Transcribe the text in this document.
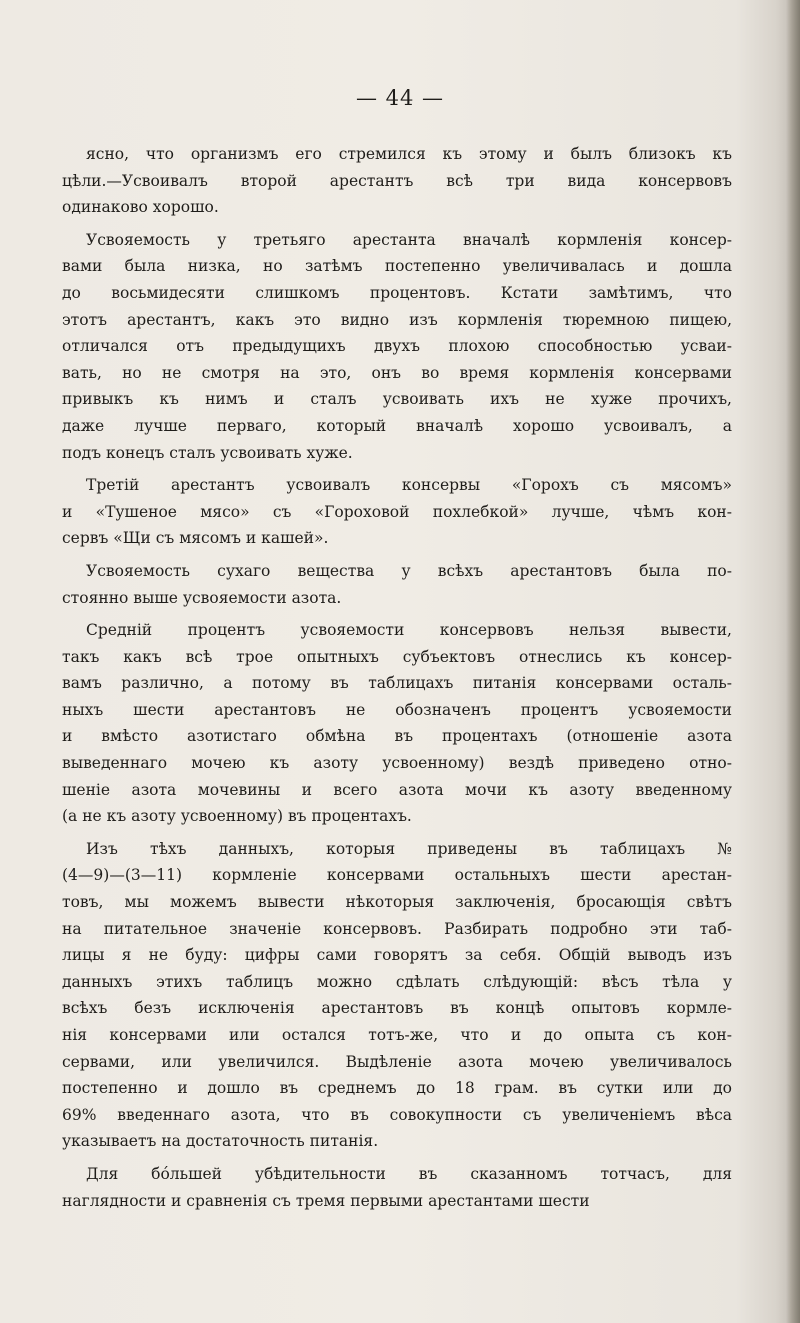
— 44 —
ясно, что организмъ его стремился къ этому и былъ близокъ къ
цѣли.—Усвоивалъ второй арестантъ всѣ три вида консервовъ
одинаково хорошо.
Усвояемость у третьяго арестанта вначалѣ кормленія консер-
вами была низка, но затѣмъ постепенно увеличивалась и дошла
до восьмидесяти слишкомъ процентовъ. Кстати замѣтимъ, что
этотъ арестантъ, какъ это видно изъ кормленія тюремною пищею,
отличался отъ предыдущихъ двухъ плохою способностью усваи-
вать, но не смотря на это, онъ во время кормленія консервами
привыкъ къ нимъ и сталъ усвоивать ихъ не хуже прочихъ,
даже лучше перваго, который вначалѣ хорошо усвоивалъ, а
подъ конецъ сталъ усвоивать хуже.
Третій арестантъ усвоивалъ консервы «Горохъ съ мясомъ»
и «Тушеное мясо» съ «Гороховой похлебкой» лучше, чѣмъ кон-
сервъ «Щи съ мясомъ и кашей».
Усвояемость сухаго вещества у всѣхъ арестантовъ была по-
стоянно выше усвояемости азота.
Средній процентъ усвояемости консервовъ нельзя вывести,
такъ какъ всѣ трое опытныхъ субъектовъ отнеслись къ консер-
вамъ различно, а потому въ таблицахъ питанія консервами осталь-
ныхъ шести арестантовъ не обозначенъ процентъ усвояемости
и вмѣсто азотистаго обмѣна въ процентахъ (отношеніе азота
выведеннаго мочею къ азоту усвоенному) вездѣ приведено отно-
шеніе азота мочевины и всего азота мочи къ азоту введенному
(а не къ азоту усвоенному) въ процентахъ.
Изъ тѣхъ данныхъ, которыя приведены въ таблицахъ №
(4—9)—(3—11) кормленіе консервами остальныхъ шести арестан-
товъ, мы можемъ вывести нѣкоторыя заключенія, бросающія свѣтъ
на питательное значеніе консервовъ. Разбирать подробно эти таб-
лицы я не буду: цифры сами говорятъ за себя. Общій выводъ изъ
данныхъ этихъ таблицъ можно сдѣлать слѣдующій: вѣсъ тѣла у
всѣхъ безъ исключенія арестантовъ въ концѣ опытовъ кормле-
нія консервами или остался тотъ-же, что и до опыта съ кон-
сервами, или увеличился. Выдѣленіе азота мочею увеличивалось
постепенно и дошло въ среднемъ до 18 грам. въ сутки или до
69% введеннаго азота, что въ совокупности съ увеличеніемъ вѣса
указываетъ на достаточность питанія.
Для бóльшей убѣдительности въ сказанномъ тотчасъ, для
наглядности и сравненія съ тремя первыми арестантами шести
